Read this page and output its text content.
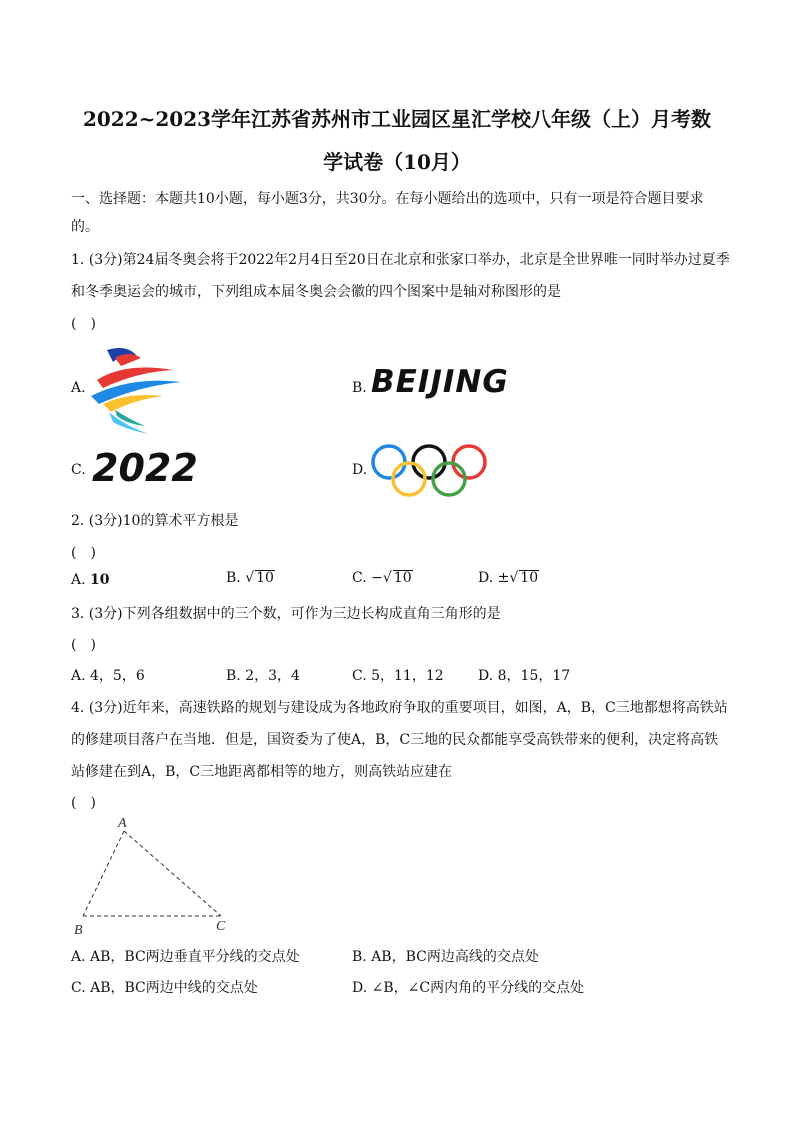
2022~2023学年江苏省苏州市工业园区星汇学校八年级（上）月考数
学试卷（10月）
一、选择题：本题共10小题，每小题3分，共30分。在每小题给出的选项中，只有一项是符合题目要求
的。
1. (3分)第24届冬奥会将于2022年2月4日至20日在北京和张家口举办，北京是全世界唯一同时举办过夏季
和冬季奥运会的城市，下列组成本届冬奥会会徽的四个图案中是轴对称图形的是
(　)
A.	B. BEIJING
C. 2022	D.
2. (3分)10的算术平方根是
(　)
A. 10	B. √ 10	C. −√ 10	D. ±√ 10
3. (3分)下列各组数据中的三个数，可作为三边长构成直角三角形的是
(　)
A. 4，5，6	B. 2，3，4	C. 5，11，12 D. 8，15，17
4. (3分)近年来，高速铁路的规划与建设成为各地政府争取的重要项目，如图，A，B，C三地都想将高铁站
的修建项目落户在当地．但是，国资委为了使A，B，C三地的民众都能享受高铁带来的便利，决定将高铁
站修建在到A，B，C三地距离都相等的地方，则高铁站应建在
(　)
A
B	C
A. AB，BC两边垂直平分线的交点处	B. AB，BC两边高线的交点处
C. AB，BC两边中线的交点处	D. ∠B，∠C两内角的平分线的交点处
